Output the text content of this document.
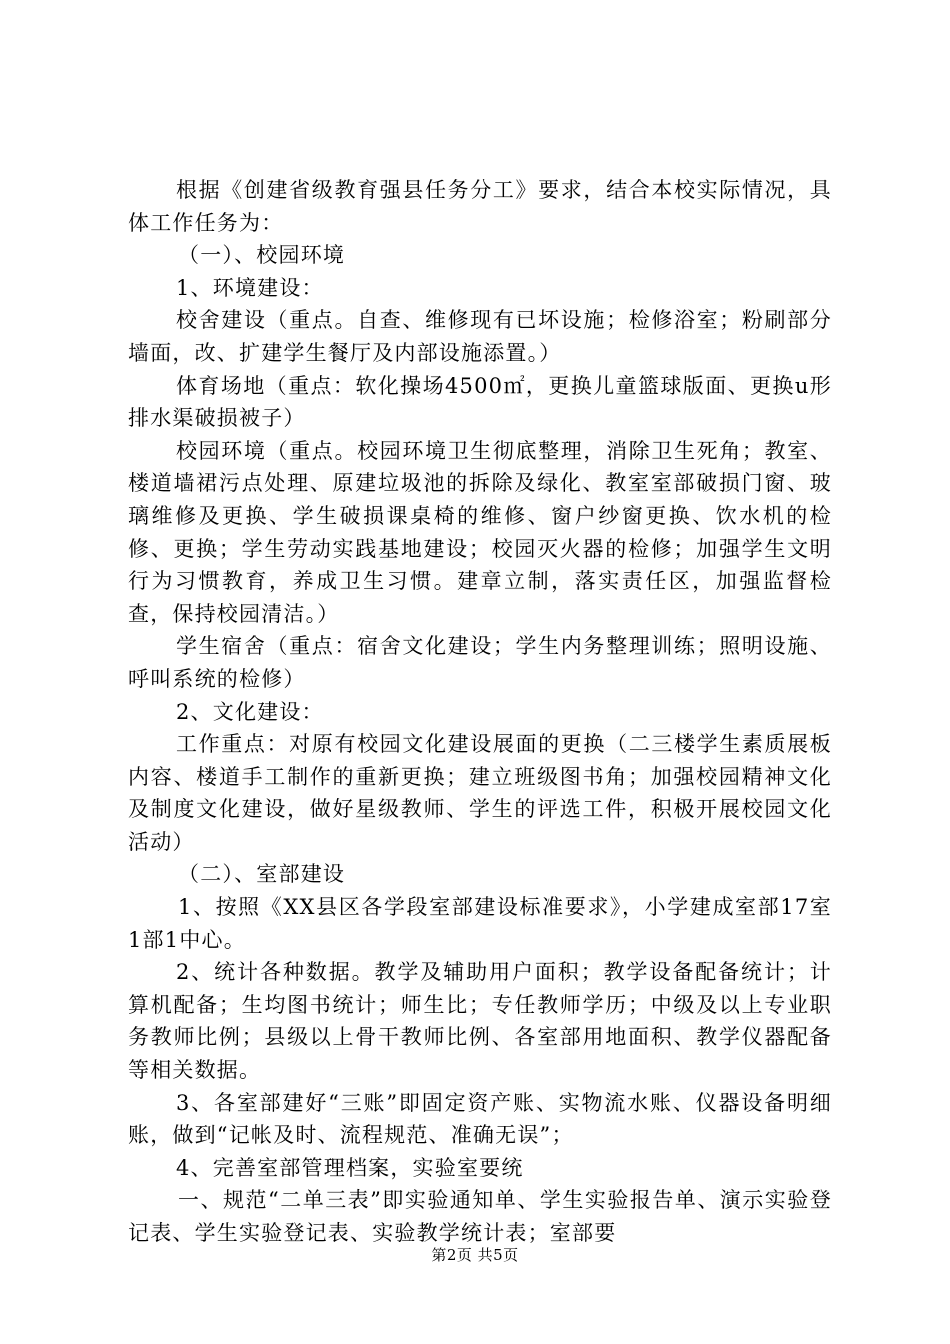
根据《创建省级教育强县任务分工》要求，结合本校实际情况，具体工作任务为：

（一）、校园环境

1、环境建设：

校舍建设（重点。自查、维修现有已坏设施；检修浴室；粉刷部分墙面，改、扩建学生餐厅及内部设施添置。）

体育场地（重点：软化操场4500㎡，更换儿童篮球版面、更换u形排水渠破损被子）

校园环境（重点。校园环境卫生彻底整理，消除卫生死角；教室、楼道墙裙污点处理、原建垃圾池的拆除及绿化、教室室部破损门窗、玻璃维修及更换、学生破损课桌椅的维修、窗户纱窗更换、饮水机的检修、更换；学生劳动实践基地建设；校园灭火器的检修；加强学生文明行为习惯教育，养成卫生习惯。建章立制，落实责任区，加强监督检查，保持校园清洁。）

学生宿舍（重点：宿舍文化建设；学生内务整理训练；照明设施、呼叫系统的检修）

2、文化建设：

工作重点：对原有校园文化建设展面的更换（二三楼学生素质展板内容、楼道手工制作的重新更换；建立班级图书角；加强校园精神文化及制度文化建设，做好星级教师、学生的评选工件，积极开展校园文化活动）

（二）、室部建设

1、按照《XX县区各学段室部建设标准要求》，小学建成室部17室1部1中心。

2、统计各种数据。教学及辅助用户面积；教学设备配备统计；计算机配备；生均图书统计；师生比；专任教师学历；中级及以上专业职务教师比例；县级以上骨干教师比例、各室部用地面积、教学仪器配备等相关数据。

3、各室部建好“三账”即固定资产账、实物流水账、仪器设备明细账，做到“记帐及时、流程规范、准确无误”；

4、完善室部管理档案，实验室要统

一、规范“二单三表”即实验通知单、学生实验报告单、演示实验登记表、学生实验登记表、实验教学统计表；室部要

第2页 共5页
